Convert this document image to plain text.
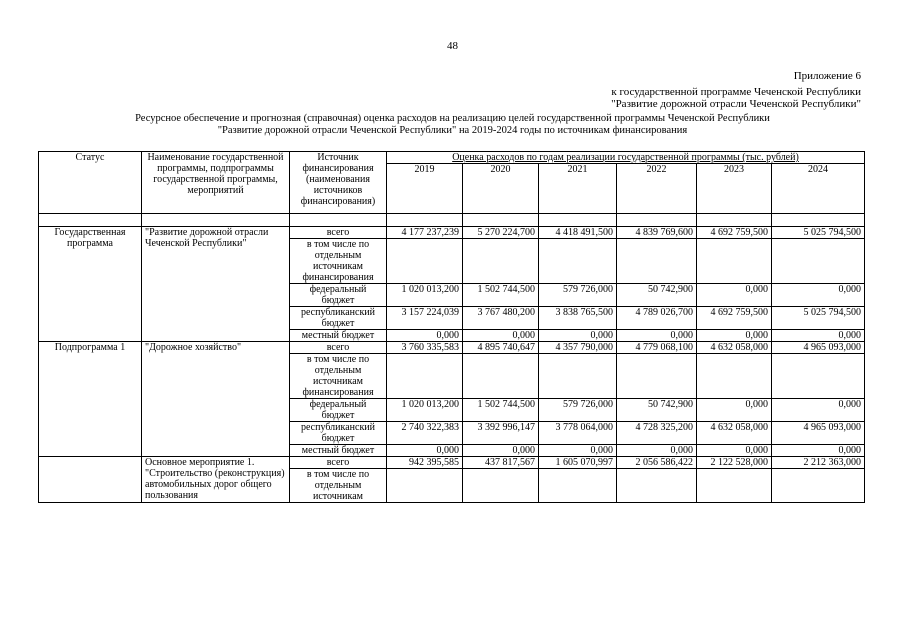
48
Приложение 6
к государственной программе Чеченской Республики
"Развитие дорожной отрасли Чеченской Республики"
Ресурсное обеспечение и прогнозная (справочная) оценка расходов на реализацию целей государственной программы Чеченской Республики
"Развитие дорожной отрасли Чеченской Республики" на 2019-2024 годы по источникам финансирования
Статус	Наименование государственной программы, подпрограммы государственной программы, мероприятий	Источник финансирования (наименования источников финансирования)	Оценка расходов по годам реализации государственной программы (тыс. рублей)					
			2019	2020	2021	2022	2023	2024

Государственная программа	"Развитие дорожной отрасли Чеченской Республики"	всего	4 177 237,239	5 270 224,700	4 418 491,500	4 839 769,600	4 692 759,500	5 025 794,500
		в том числе по отдельным источникам финансирования						
		федеральный бюджет	1 020 013,200	1 502 744,500	579 726,000	50 742,900	0,000	0,000
		республиканский бюджет	3 157 224,039	3 767 480,200	3 838 765,500	4 789 026,700	4 692 759,500	5 025 794,500
		местный бюджет	0,000	0,000	0,000	0,000	0,000	0,000
Подпрограмма 1	"Дорожное хозяйство"	всего	3 760 335,583	4 895 740,647	4 357 790,000	4 779 068,100	4 632 058,000	4 965 093,000
		в том числе по отдельным источникам финансирования						
		федеральный бюджет	1 020 013,200	1 502 744,500	579 726,000	50 742,900	0,000	0,000
		республиканский бюджет	2 740 322,383	3 392 996,147	3 778 064,000	4 728 325,200	4 632 058,000	4 965 093,000
		местный бюджет	0,000	0,000	0,000	0,000	0,000	0,000
	Основное мероприятие 1. "Строительство (реконструкция) автомобильных дорог общего пользования	всего	942 395,585	437 817,567	1 605 070,997	2 056 586,422	2 122 528,000	2 212 363,000
		в том числе по отдельным источникам						
